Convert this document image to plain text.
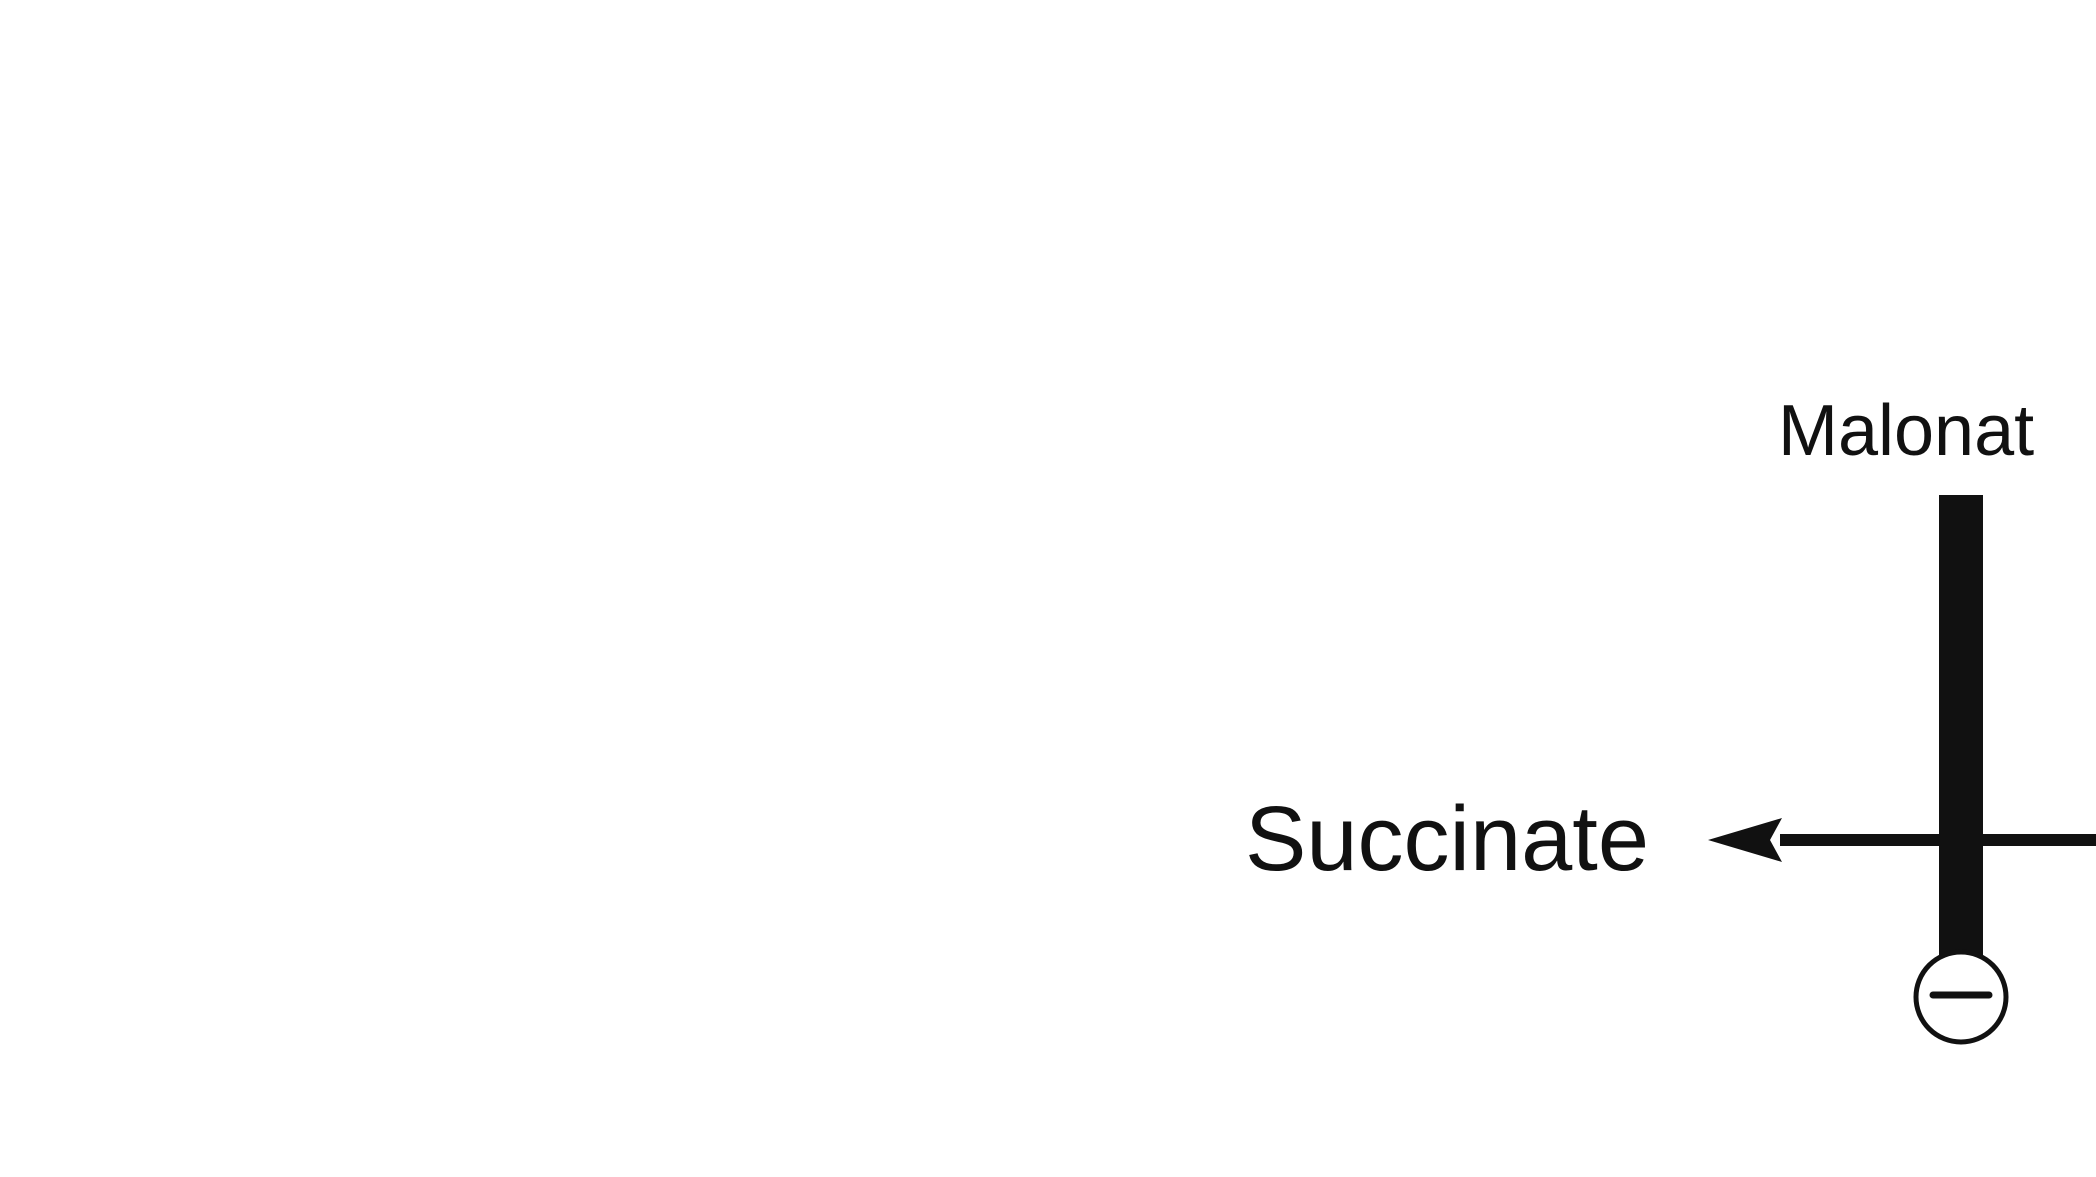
Malonat
Succinate
